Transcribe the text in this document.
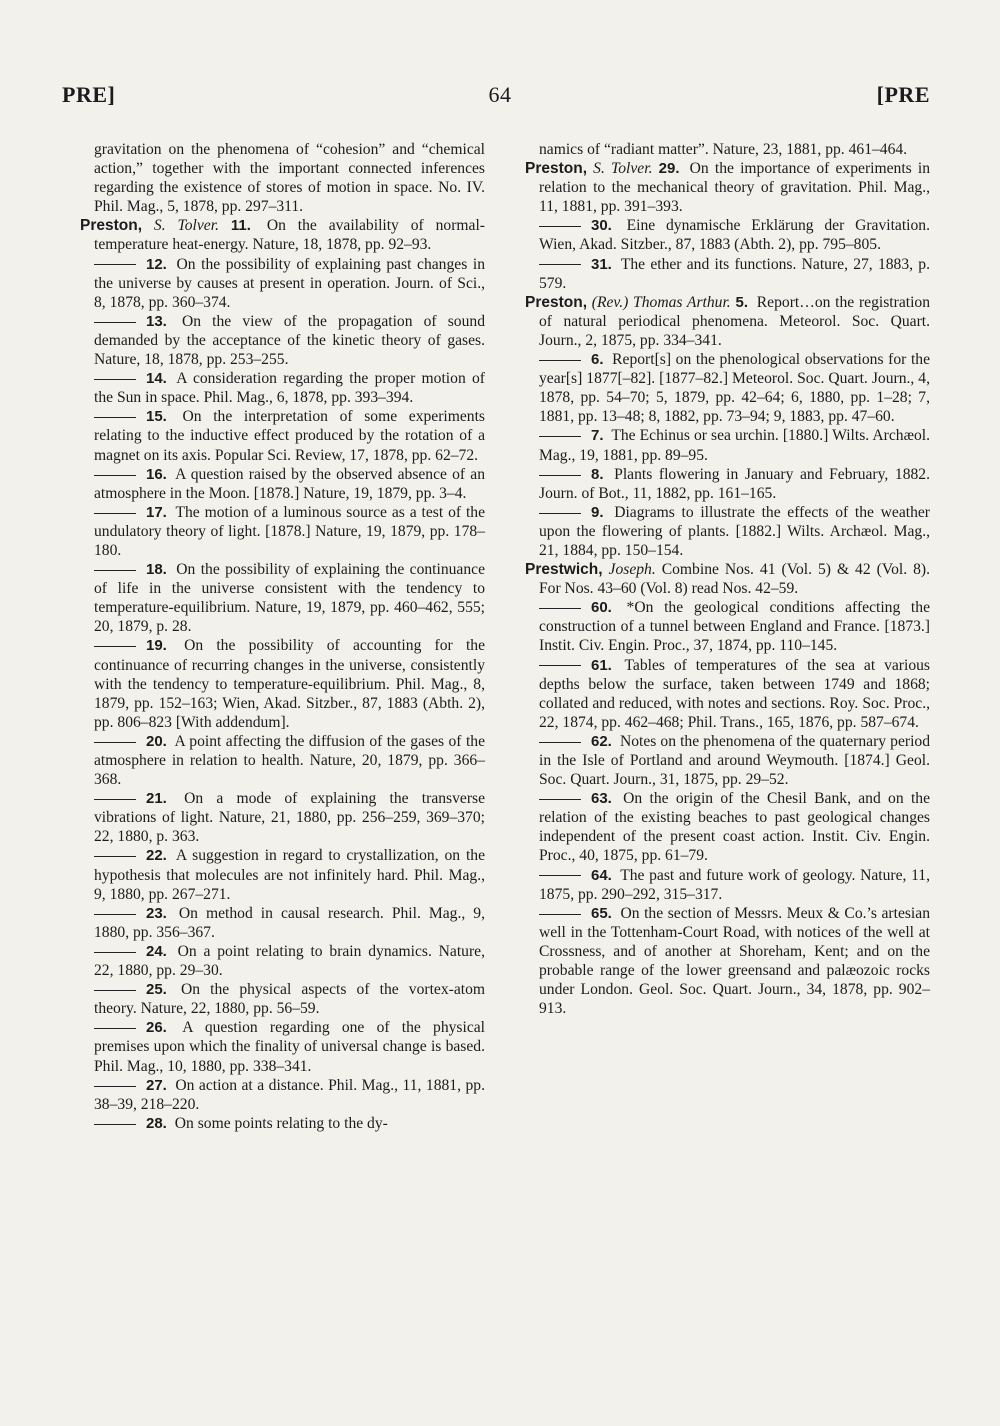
PRE]	64	[PRE

gravitation on the phenomena of “cohesion” and “chemical action,” together with the important connected inferences regarding the existence of stores of motion in space. No. IV. Phil. Mag., 5, 1878, pp. 297–311.

Preston, S. Tolver. 11. On the availability of normal-temperature heat-energy. Nature, 18, 1878, pp. 92–93.

12. On the possibility of explaining past changes in the universe by causes at present in operation. Journ. of Sci., 8, 1878, pp. 360–374.

13. On the view of the propagation of sound demanded by the acceptance of the kinetic theory of gases. Nature, 18, 1878, pp. 253–255.

14. A consideration regarding the proper motion of the Sun in space. Phil. Mag., 6, 1878, pp. 393–394.

15. On the interpretation of some experiments relating to the inductive effect produced by the rotation of a magnet on its axis. Popular Sci. Review, 17, 1878, pp. 62–72.

16. A question raised by the observed absence of an atmosphere in the Moon. [1878.] Nature, 19, 1879, pp. 3–4.

17. The motion of a luminous source as a test of the undulatory theory of light. [1878.] Nature, 19, 1879, pp. 178–180.

18. On the possibility of explaining the continuance of life in the universe consistent with the tendency to temperature-equilibrium. Nature, 19, 1879, pp. 460–462, 555; 20, 1879, p. 28.

19. On the possibility of accounting for the continuance of recurring changes in the universe, consistently with the tendency to temperature-equilibrium. Phil. Mag., 8, 1879, pp. 152–163; Wien, Akad. Sitzber., 87, 1883 (Abth. 2), pp. 806–823 [With addendum].

20. A point affecting the diffusion of the gases of the atmosphere in relation to health. Nature, 20, 1879, pp. 366–368.

21. On a mode of explaining the transverse vibrations of light. Nature, 21, 1880, pp. 256–259, 369–370; 22, 1880, p. 363.

22. A suggestion in regard to crystallization, on the hypothesis that molecules are not infinitely hard. Phil. Mag., 9, 1880, pp. 267–271.

23. On method in causal research. Phil. Mag., 9, 1880, pp. 356–367.

24. On a point relating to brain dynamics. Nature, 22, 1880, pp. 29–30.

25. On the physical aspects of the vortex-atom theory. Nature, 22, 1880, pp. 56–59.

26. A question regarding one of the physical premises upon which the finality of universal change is based. Phil. Mag., 10, 1880, pp. 338–341.

27. On action at a distance. Phil. Mag., 11, 1881, pp. 38–39, 218–220.

28. On some points relating to the dy-

namics of “radiant matter”. Nature, 23, 1881, pp. 461–464.

Preston, S. Tolver. 29. On the importance of experiments in relation to the mechanical theory of gravitation. Phil. Mag., 11, 1881, pp. 391–393.

30. Eine dynamische Erklärung der Gravitation. Wien, Akad. Sitzber., 87, 1883 (Abth. 2), pp. 795–805.

31. The ether and its functions. Nature, 27, 1883, p. 579.

Preston, (Rev.) Thomas Arthur. 5. Report…on the registration of natural periodical phenomena. Meteorol. Soc. Quart. Journ., 2, 1875, pp. 334–341.

6. Report[s] on the phenological observations for the year[s] 1877[–82]. [1877–82.] Meteorol. Soc. Quart. Journ., 4, 1878, pp. 54–70; 5, 1879, pp. 42–64; 6, 1880, pp. 1–28; 7, 1881, pp. 13–48; 8, 1882, pp. 73–94; 9, 1883, pp. 47–60.

7. The Echinus or sea urchin. [1880.] Wilts. Archæol. Mag., 19, 1881, pp. 89–95.

8. Plants flowering in January and February, 1882. Journ. of Bot., 11, 1882, pp. 161–165.

9. Diagrams to illustrate the effects of the weather upon the flowering of plants. [1882.] Wilts. Archæol. Mag., 21, 1884, pp. 150–154.

Prestwich, Joseph. Combine Nos. 41 (Vol. 5) & 42 (Vol. 8). For Nos. 43–60 (Vol. 8) read Nos. 42–59.

60. *On the geological conditions affecting the construction of a tunnel between England and France. [1873.] Instit. Civ. Engin. Proc., 37, 1874, pp. 110–145.

61. Tables of temperatures of the sea at various depths below the surface, taken between 1749 and 1868; collated and reduced, with notes and sections. Roy. Soc. Proc., 22, 1874, pp. 462–468; Phil. Trans., 165, 1876, pp. 587–674.

62. Notes on the phenomena of the quaternary period in the Isle of Portland and around Weymouth. [1874.] Geol. Soc. Quart. Journ., 31, 1875, pp. 29–52.

63. On the origin of the Chesil Bank, and on the relation of the existing beaches to past geological changes independent of the present coast action. Instit. Civ. Engin. Proc., 40, 1875, pp. 61–79.

64. The past and future work of geology. Nature, 11, 1875, pp. 290–292, 315–317.

65. On the section of Messrs. Meux & Co.’s artesian well in the Tottenham-Court Road, with notices of the well at Crossness, and of another at Shoreham, Kent; and on the probable range of the lower greensand and palæozoic rocks under London. Geol. Soc. Quart. Journ., 34, 1878, pp. 902–913.
